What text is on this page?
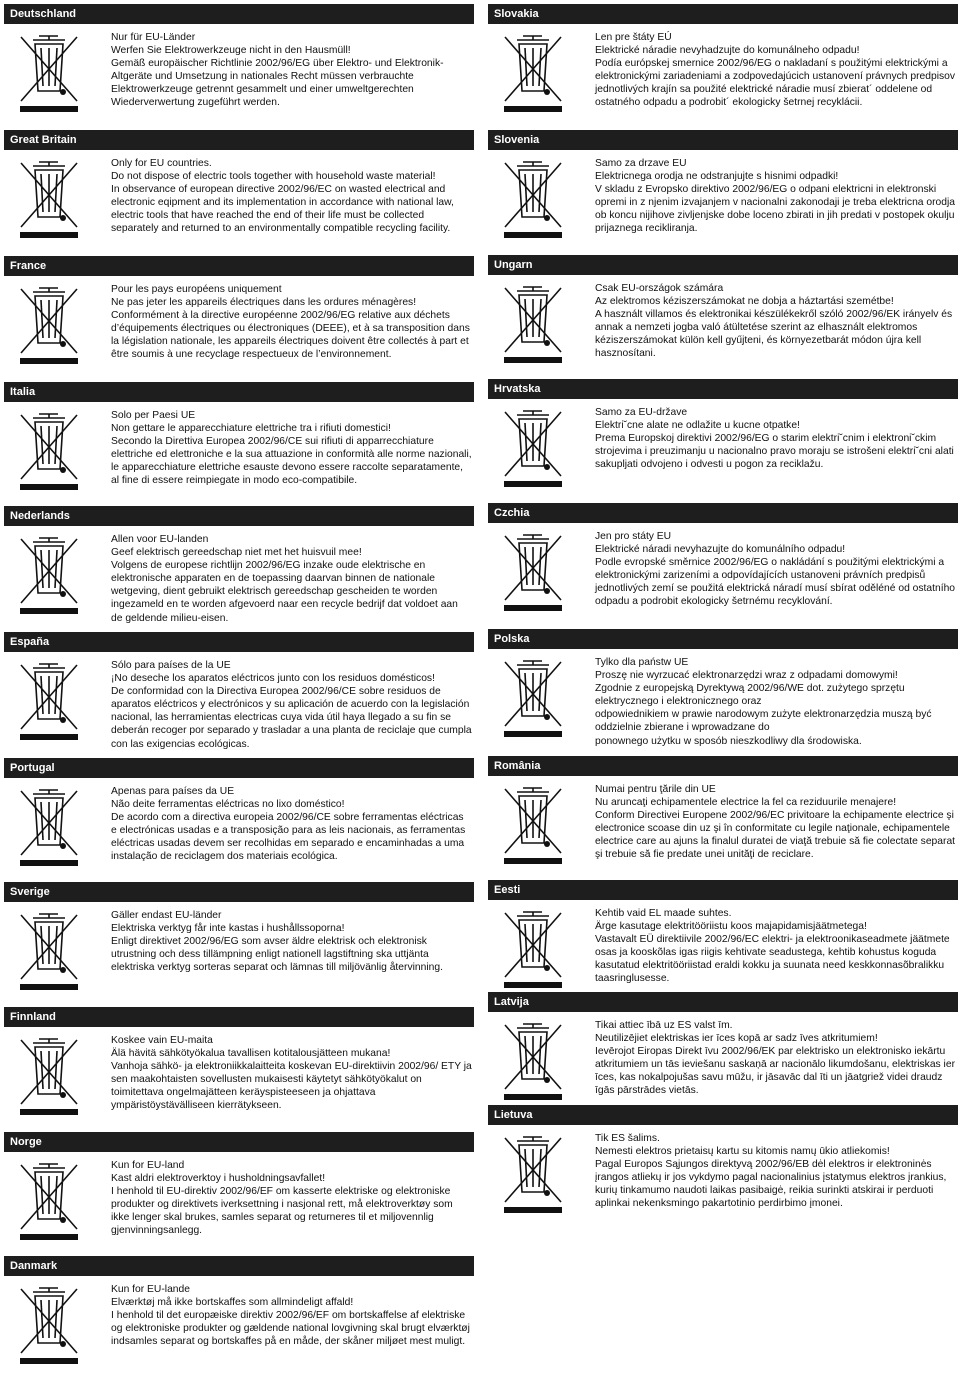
Deutschland
Nur für EU-Länder
Werfen Sie Elektrowerkzeuge nicht in den Hausmüll!
Gemäß europäischer Richtlinie 2002/96/EG über Elektro- und Elektronik-Altgeräte und Umsetzung in nationales Recht müssen verbrauchte Elektrowerkzeuge getrennt gesammelt und einer umweltgerechten Wiederverwertung zugeführt werden.
Great Britain
Only for EU countries.
Do not dispose of electric tools together with household waste material!
In observance of european directive 2002/96/EC on wasted electrical and electronic eqipment and its implementation in accordance with national law, electric tools that have reached the end of their life must be collected separately and returned to an environmentally compatible recycling facility.
France
Pour les pays européens uniquement
Ne pas jeter les appareils électriques dans les ordures ménagères!
Conformément à la directive européenne 2002/96/EG relative aux déchets d’équipements électriques ou électroniques (DEEE), et à sa transposition dans la législation nationale, les appareils électriques doivent être collectés à part et être soumis à une recyclage respectueux de l’environnement.
Italia
Solo per Paesi UE
Non gettare le apparecchiature elettriche tra i rifiuti domestici!
Secondo la Direttiva Europea 2002/96/CE sui rifiuti di apparrecchiature elettriche ed elettroniche e la sua attuazione in conformità alle norme nazionali, le apparecchiature elettriche esauste devono essere raccolte separatamente, al fine di essere reimpiegate in modo eco-compatibile.
Nederlands
Allen voor EU-landen
Geef elektrisch gereedschap niet met het huisvuil mee!
Volgens de europese richtlijn 2002/96/EG inzake oude elektrische en elektronische apparaten en de toepassing daarvan binnen de nationale wetgeving, dient gebruikt elektrisch gereedschap gescheiden te worden ingezameld en te worden afgevoerd naar een recycle bedrijf dat voldoet aan de geldende milieu-eisen.
España
Sólo para países de la UE
¡No deseche los aparatos eléctricos junto con los residuos domésticos!
De conformidad con la Directiva Europea 2002/96/CE sobre residuos de aparatos eléctricos y electrónicos y su aplicación de acuerdo con la legislación nacional, las herramientas electricas cuya vida útil haya llegado a su fin se deberán recoger por separado y trasladar a una planta de reciclaje que cumpla con las exigencias ecológicas.
Portugal
Apenas para países da UE
Não deite ferramentas eléctricas no lixo doméstico!
De acordo com a directiva europeia 2002/96/CE sobre ferramentas eléctricas e electrónicas usadas e a transposição para as leis nacionais, as ferramentas eléctricas usadas devem ser recolhidas em separado e encaminhadas a uma instalação de reciclagem dos materiais ecológica.
Sverige
Gäller endast EU-länder
Elektriska verktyg får inte kastas i hushållssoporna!
Enligt direktivet 2002/96/EG som avser äldre elektrisk och elektronisk utrustning och dess tillämpning enligt nationell lagstiftning ska uttjänta elektriska verktyg sorteras separat och lämnas till miljövänlig återvinning.
Finnland
Koskee vain EU-maita
Älä hävitä sähkötyökalua tavallisen kotitalousjätteen mukana!
Vanhoja sähkö- ja elektroniikkalaitteita koskevan EU-direktiivin 2002/96/ ETY ja sen maakohtaisten sovellusten mukaisesti käytetyt sähkötyökalut on toimitettava ongelmajätteen keräyspisteeseen ja ohjattava ympäristöystävälliseen kierrätykseen.
Norge
Kun for EU-land
Kast aldri elektroverktoy i husholdningsavfallet!
I henhold til EU-direktiv 2002/96/EF om kasserte elektriske og elektroniske produkter og direktivets iverksettning i nasjonal rett, må elektroverktøy som ikke lenger skal brukes, samles separat og returneres til et miljovennlig gjenvinningsanlegg.
Danmark
Kun for EU-lande
Elværktøj må ikke bortskaffes som allmindeligt affald!
I henhold til det europæiske direktiv 2002/96/EF om bortskaffelse af elektriske og elektroniske produkter og gældende national lovgivning skal brugt elværktøj indsamles separat og bortskaffes på en måde, der skåner miljøet mest muligt.
Slovakia
Len pre štáty EÚ
Elektrické náradie nevyhadzujte do komunálneho odpadu!
Podía európskej smernice 2002/96/EG o nakladaní s použitými elektrickými a elektronickými zariadeniami a zodpovedajúcich ustanovení právnych predpisov jednotlivých krajín sa použité elektrické náradie musí zbierat´ oddelene od ostatného odpadu a podrobit´ ekologicky šetrnej recyklácii.
Slovenia
Samo za drzave EU
Elektricnega orodja ne odstranjujte s hisnimi odpadki!
V skladu z Evropsko direktivo 2002/96/EG o odpani elektricni in elektronski opremi in z njenim izvajanjem v nacionalni zakonodaji je treba elektricna orodja ob koncu nijihove zivljenjske dobe loceno zbirati in jih predati v postopek okulju prijaznega recikliranja.
Ungarn
Csak EU-országok számára
Az elektromos kéziszerszámokat ne dobja a háztartási szemétbe!
A használt villamos és elektronikai készülékekről szóló 2002/96/EK irányelv és annak a nemzeti jogba való átültetése szerint az elhasznált elektromos kéziszerszámokat külön kell gyűjteni, és környezetbarát módon újra kell hasznosítani.
Hrvatska
Samo za EU-države
Elektri˘cne alate ne odlažite u kucne otpatke!
Prema Europskoj direktivi 2002/96/EG o starim elektri˘cnim i elektroni˘ckim strojevima i preuzimanju u nacionalno pravo moraju se istrošeni elektri˘cni alati sakupljati odvojeno i odvesti u pogon za reciklažu.
Czchia
Jen pro státy EU
Elektrické náradi nevyhazujte do komunálního odpadu!
Podle evropské směrnice 2002/96/EG o nakládání s použitými elektrickými a elektronickými zarizeními a odpovídajících ustanoveni právních predpisů jednotlivých zemí se použitá elektrická náradí musí sbírat oděléné od ostatního odpadu a podrobit ekologicky šetrnému recyklování.
Polska
Tylko dla państw UE
Proszę nie wyrzucać elektronarzędzi wraz z odpadami domowymi!
Zgodnie z europejską Dyrektywą 2002/96/WE dot. zużytego sprzętu elektrycznego i elektronicznego oraz
odpowiednikiem w prawie narodowym zużyte elektronarzędzia muszą być oddzielnie zbierane i wprowadzane do
ponownego użytku w sposób nieszkodliwy dla środowiska.
România
Numai pentru ţările din UE
Nu aruncaţi echipamentele electrice la fel ca reziduurile menajere!
Conform Directivei Europene 2002/96/EC privitoare la echipamente electrice şi electronice scoase din uz şi în conformitate cu legile naţionale, echipamentele electrice care au ajuns la finalul duratei de viaţă trebuie să fie colectate separat şi trebuie să fie predate unei unităţi de reciclare.
Eesti
Kehtib vaid EL maade suhtes.
Ärge kasutage elektritööriistu koos majapidamisjäätmetega!
Vastavalt EÜ direktiivile 2002/96/EC elektri- ja elektroonikaseadmete jäätmete osas ja kooskõlas igas riigis kehtivate seadustega, kehtib kohustus koguda kasutatud elektritööriistad eraldi kokku ja suunata need keskkonnasõbralikku taasringlusesse.
Latvija
Tikai attiec ībā uz ES valst īm.
Neutilizējiet elektriskas ier īces kopā ar sadz īves atkritumiem!
Ievērojot Eiropas Direkt īvu 2002/96/EK par elektrisko un elektronisko iekārtu atkritumiem un tās ieviešanu saskaņā ar nacionālo likumdošanu, elektriskas ier īces, kas nokalpojušas savu mūžu, ir jāsavāc dal īti un jāatgriež videi draudz īgās pārstrādes vietās.
Lietuva
Tik ES šalims.
Nemesti elektros prietaisų kartu su kitomis namų ūkio atliekomis!
Pagal Europos Sąjungos direktyvą 2002/96/EB dėl elektros ir elektroninės įrangos atliekų ir jos vykdymo pagal nacionalinius įstatymus elektros įrankius, kurių tinkamumo naudoti laikas pasibaigė, reikia surinkti atskirai ir perduoti aplinkai nekenksmingo pakartotinio perdirbimo įmonei.
